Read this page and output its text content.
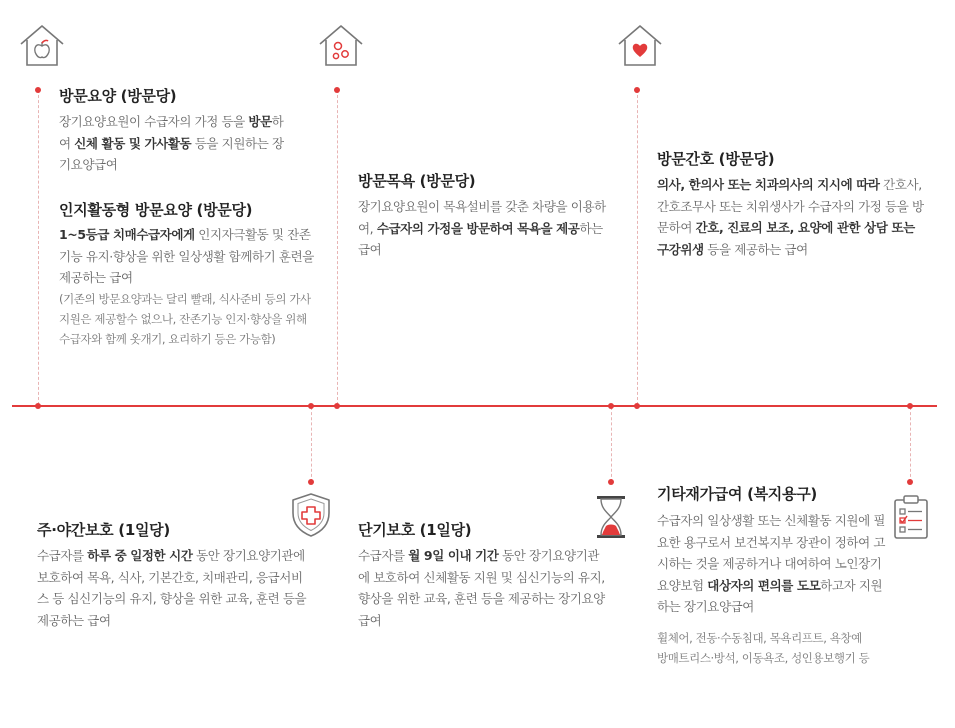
방문요양 (방문당)
장기요양요원이 수급자의 가정 등을 방문하여 신체 활동 및 가사활동 등을 지원하는 장기요양급여
인지활동형 방문요양 (방문당)
1~5등급 치매수급자에게 인지자극활동 및 잔존기능 유지·향상을 위한 일상생활 함께하기 훈련을 제공하는 급여
(기존의 방문요양과는 달리 빨래, 식사준비 등의 가사지원은 제공할수 없으나, 잔존기능 인지·향상을 위해 수급자와 함께 옷개기, 요리하기 등은 가능함)
방문목욕 (방문당)
장기요양요원이 목욕설비를 갖춘 차량을 이용하여, 수급자의 가정을 방문하여 목욕을 제공하는 급여
방문간호 (방문당)
의사, 한의사 또는 치과의사의 지시에 따라 간호사, 간호조무사 또는 치위생사가 수급자의 가정 등을 방문하여 간호, 진료의 보조, 요양에 관한 상담 또는 구강위생 등을 제공하는 급여
주·야간보호 (1일당)
수급자를 하루 중 일정한 시간 동안 장기요양기관에 보호하여 목욕, 식사, 기본간호, 치매관리, 응급서비스 등 심신기능의 유지, 향상을 위한 교육, 훈련 등을 제공하는 급여
단기보호 (1일당)
수급자를 월 9일 이내 기간 동안 장기요양기관에 보호하여 신체활동 지원 및 심신기능의 유지, 향상을 위한 교육, 훈련 등을 제공하는 장기요양급여
기타재가급여 (복지용구)
수급자의 일상생활 또는 신체활동 지원에 필요한 용구로서 보건복지부 장관이 정하여 고시하는 것을 제공하거나 대여하여 노인장기요양보험 대상자의 편의를 도모하고자 지원하는 장기요양급여
휠체어, 전동·수동침대, 목욕리프트, 욕창예방매트리스·방석, 이동욕조, 성인용보행기 등
